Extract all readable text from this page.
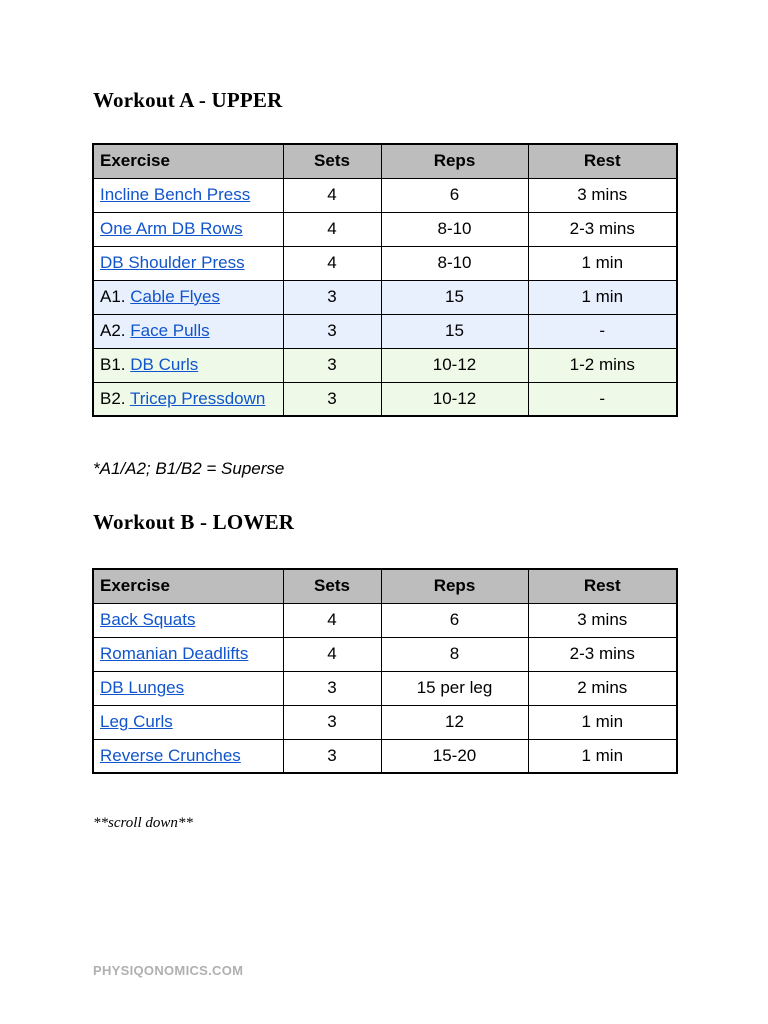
Workout A - UPPER
Exercise	Sets	Reps	Rest
Incline Bench Press	4	6	3 mins
One Arm DB Rows	4	8-10	2-3 mins
DB Shoulder Press	4	8-10	1 min
A1. Cable Flyes	3	15	1 min
A2. Face Pulls	3	15	-
B1. DB Curls	3	10-12	1-2 mins
B2. Tricep Pressdown	3	10-12	-
*A1/A2; B1/B2 = Superse
Workout B - LOWER
Exercise	Sets	Reps	Rest
Back Squats	4	6	3 mins
Romanian Deadlifts	4	8	2-3 mins
DB Lunges	3	15 per leg	2 mins
Leg Curls	3	12	1 min
Reverse Crunches	3	15-20	1 min
**scroll down**
PHYSIQONOMICS.COM
